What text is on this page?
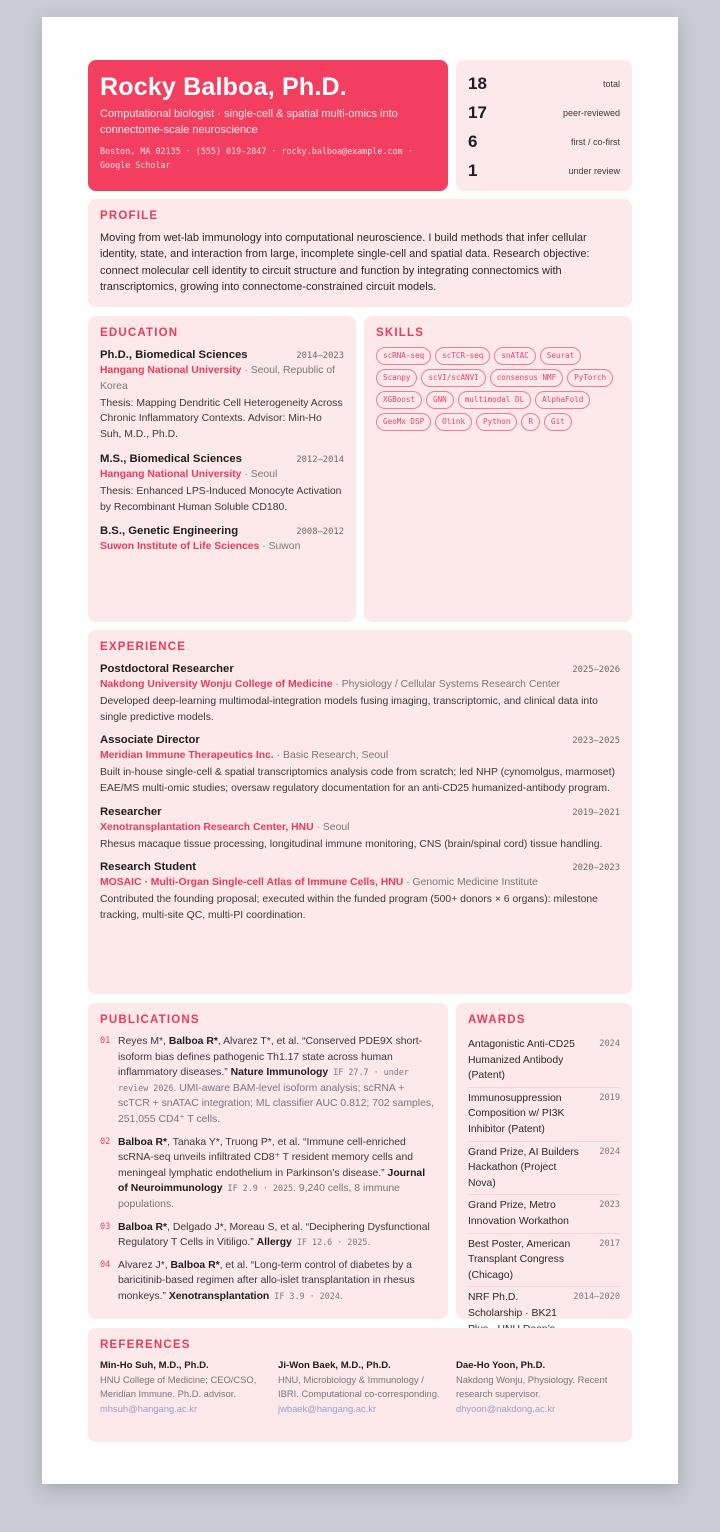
Rocky Balboa, Ph.D.
Computational biologist · single-cell & spatial multi-omics into connectome-scale neuroscience
Boston, MA 02135 · (555) 019-2847 · rocky.balboa@example.com · Google Scholar
18	total
17	peer-reviewed
6	first / co-first
1	under review
PROFILE

Moving from wet-lab immunology into computational neuroscience. I build methods that infer cellular identity, state, and interaction from large, incomplete single-cell and spatial data. Research objective: connect molecular cell identity to circuit structure and function by integrating connectomics with transcriptomics, growing into connectome-constrained circuit models.

EDUCATION
Ph.D., Biomedical Sciences	2014–2023
Hangang National University · Seoul, Republic of Korea
Thesis: Mapping Dendritic Cell Heterogeneity Across Chronic Inflammatory Contexts. Advisor: Min-Ho Suh, M.D., Ph.D.
M.S., Biomedical Sciences	2012–2014
Hangang National University · Seoul
Thesis: Enhanced LPS-Induced Monocyte Activation by Recombinant Human Soluble CD180.
B.S., Genetic Engineering	2008–2012
Suwon Institute of Life Sciences · Suwon
SKILLS
scRNA-seq	scTCR-seq	snATAC	Seurat
Scanpy	scVI/scANVI	consensus NMF	PyTorch
XGBoost	GNN	multimodal DL	AlphaFold
GeoMx DSP	Olink	Python	R	Git
EXPERIENCE
Postdoctoral Researcher	2025–2026
Nakdong University Wonju College of Medicine · Physiology / Cellular Systems Research Center
Developed deep-learning multimodal-integration models fusing imaging, transcriptomic, and clinical data into single predictive models.
Associate Director	2023–2025
Meridian Immune Therapeutics Inc. · Basic Research, Seoul
Built in-house single-cell & spatial transcriptomics analysis code from scratch; led NHP (cynomolgus, marmoset) EAE/MS multi-omic studies; oversaw regulatory documentation for an anti-CD25 humanized-antibody program.
Researcher	2019–2021
Xenotransplantation Research Center, HNU · Seoul
Rhesus macaque tissue processing, longitudinal immune monitoring, CNS (brain/spinal cord) tissue handling.
Research Student	2020–2023
MOSAIC · Multi-Organ Single-cell Atlas of Immune Cells, HNU · Genomic Medicine Institute
Contributed the founding proposal; executed within the funded program (500+ donors × 6 organs): milestone tracking, multi-site QC, multi-PI coordination.
PUBLICATIONS
01 Reyes M*, Balboa R*, Alvarez T*, et al. “Conserved PDE9X short-isoform bias defines pathogenic Th1.17 state across human inflammatory diseases.” Nature Immunology IF 27.7 · under review 2026. UMI-aware BAM-level isoform analysis; scRNA + scTCR + snATAC integration; ML classifier AUC 0.812; 702 samples, 251,055 CD4⁺ T cells.
02 Balboa R*, Tanaka Y*, Truong P*, et al. “Immune cell-enriched scRNA-seq unveils infiltrated CD8⁺ T resident memory cells and meningeal lymphatic endothelium in Parkinson’s disease.” Journal of Neuroimmunology IF 2.9 · 2025. 9,240 cells, 8 immune populations.
03 Balboa R*, Delgado J*, Moreau S, et al. “Deciphering Dysfunctional Regulatory T Cells in Vitiligo.” Allergy IF 12.6 · 2025.
04 Alvarez J*, Balboa R*, et al. “Long-term control of diabetes by a baricitinib-based regimen after allo-islet transplantation in rhesus monkeys.” Xenotransplantation IF 3.9 · 2024.
AWARDS
Antagonistic Anti-CD25 Humanized Antibody (Patent)
2024
Immunosuppression Composition w/ PI3K Inhibitor (Patent)
2019
Grand Prize, AI Builders Hackathon (Project Nova)
2024
Grand Prize, Metro Innovation Workathon
2023
Best Poster, American Transplant Congress (Chicago)
2017
NRF Ph.D. Scholarship · BK21
2014–2020
REFERENCES
Min-Ho Suh, M.D., Ph.D.
HNU College of Medicine; CEO/CSO, Meridian Immune. Ph.D. advisor.
mhsuh@hangang.ac.kr
Ji-Won Baek, M.D., Ph.D.
HNU, Microbiology & Immunology / IBRI. Computational co-corresponding.
jwbaek@hangang.ac.kr
Dae-Ho Yoon, Ph.D.
Nakdong Wonju, Physiology. Recent research supervisor.
dhyoon@nakdong.ac.kr
